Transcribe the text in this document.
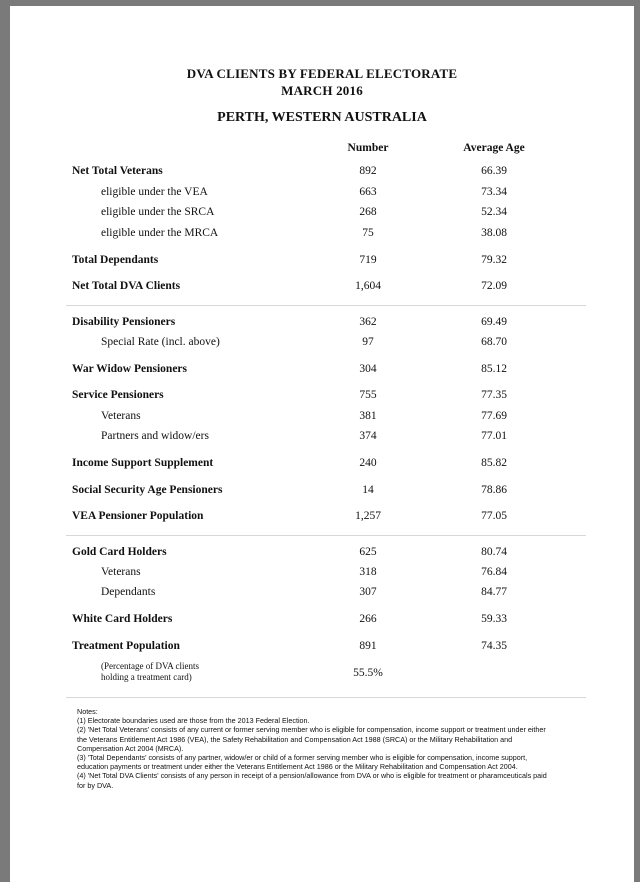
DVA CLIENTS BY FEDERAL ELECTORATE
MARCH 2016
PERTH, WESTERN AUSTRALIA
Number	Average Age
Net Total Veterans	892	66.39
eligible under the VEA	663	73.34
eligible under the SRCA	268	52.34
eligible under the MRCA	75	38.08
Total Dependants	719	79.32
Net Total DVA Clients	1,604	72.09
Disability Pensioners	362	69.49
Special Rate (incl. above)	97	68.70
War Widow Pensioners	304	85.12
Service Pensioners	755	77.35
Veterans	381	77.69
Partners and widow/ers	374	77.01
Income Support Supplement	240	85.82
Social Security Age Pensioners	14	78.86
VEA Pensioner Population	1,257	77.05
Gold Card Holders	625	80.74
Veterans	318	76.84
Dependants	307	84.77
White Card Holders	266	59.33
Treatment Population	891	74.35
(Percentage of DVA clients
holding a treatment card)	55.5%
Notes:
(1) Electorate boundaries used are those from the 2013 Federal Election.
(2) 'Net Total Veterans' consists of any current or former serving member who is eligible for compensation, income support or treatment under either the Veterans Entitlement Act 1986 (VEA), the Safety Rehabilitation and Compensation Act 1988 (SRCA) or the Military Rehabilitation and Compensation Act 2004 (MRCA).
(3) 'Total Dependants' consists of any partner, widow/er or child of a former serving member who is eligible for compensation, income support, education payments or treatment under either the Veterans Entitlement Act 1986 or the Military Rehabilitation and Compensation Act 2004.
(4) 'Net Total DVA Clients' consists of any person in receipt of a pension/allowance from DVA or who is eligible for treatment or pharamceuticals paid for by DVA.
